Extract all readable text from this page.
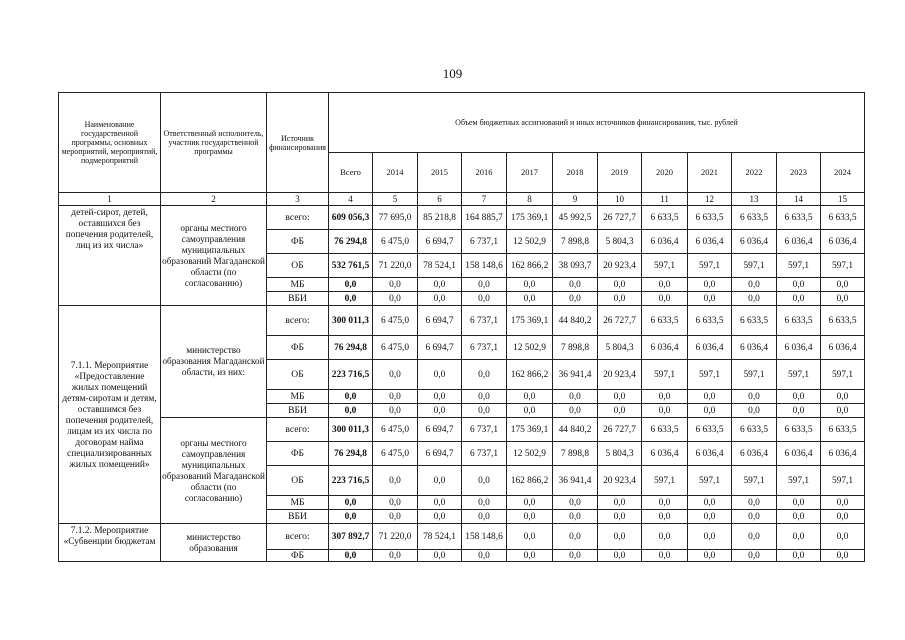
109
Наименование государственной программы, основных мероприятий, мероприятий, подмероприятий	Ответственный исполнитель, участник государственной программы	Источник финансирования	Объем бюджетных ассигнований и иных источников финансирования, тыс. рублей											
			Всего	2014	2015	2016	2017	2018	2019	2020	2021	2022	2023	2024
1	2	3	4	5	6	7	8	9	10	11	12	13	14	15
детей-сирот, детей, оставшихся без попечения родителей, лиц из их числа»	органы местного самоуправления муниципальных образований Магаданской области (по согласованию)	всего:	609 056,3	77 695,0	85 218,8	164 885,7	175 369,1	45 992,5	26 727,7	6 633,5	6 633,5	6 633,5	6 633,5	6 633,5
		ФБ	76 294,8	6 475,0	6 694,7	6 737,1	12 502,9	7 898,8	5 804,3	6 036,4	6 036,4	6 036,4	6 036,4	6 036,4
		ОБ	532 761,5	71 220,0	78 524,1	158 148,6	162 866,2	38 093,7	20 923,4	597,1	597,1	597,1	597,1	597,1
		МБ	0,0	0,0	0,0	0,0	0,0	0,0	0,0	0,0	0,0	0,0	0,0	0,0
		ВБИ	0,0	0,0	0,0	0,0	0,0	0,0	0,0	0,0	0,0	0,0	0,0	0,0
7.1.1. Мероприятие «Предоставление жилых помещений детям-сиротам и детям, оставшимся без попечения родителей, лицам из их числа по договорам найма специализированных жилых помещений»	министерство образования Магаданской области, из них:	всего:	300 011,3	6 475,0	6 694,7	6 737,1	175 369,1	44 840,2	26 727,7	6 633,5	6 633,5	6 633,5	6 633,5	6 633,5
		ФБ	76 294,8	6 475,0	6 694,7	6 737,1	12 502,9	7 898,8	5 804,3	6 036,4	6 036,4	6 036,4	6 036,4	6 036,4
		ОБ	223 716,5	0,0	0,0	0,0	162 866,2	36 941,4	20 923,4	597,1	597,1	597,1	597,1	597,1
		МБ	0,0	0,0	0,0	0,0	0,0	0,0	0,0	0,0	0,0	0,0	0,0	0,0
		ВБИ	0,0	0,0	0,0	0,0	0,0	0,0	0,0	0,0	0,0	0,0	0,0	0,0
	органы местного самоуправления муниципальных образований Магаданской области (по согласованию)	всего:	300 011,3	6 475,0	6 694,7	6 737,1	175 369,1	44 840,2	26 727,7	6 633,5	6 633,5	6 633,5	6 633,5	6 633,5
		ФБ	76 294,8	6 475,0	6 694,7	6 737,1	12 502,9	7 898,8	5 804,3	6 036,4	6 036,4	6 036,4	6 036,4	6 036,4
		ОБ	223 716,5	0,0	0,0	0,0	162 866,2	36 941,4	20 923,4	597,1	597,1	597,1	597,1	597,1
		МБ	0,0	0,0	0,0	0,0	0,0	0,0	0,0	0,0	0,0	0,0	0,0	0,0
		ВБИ	0,0	0,0	0,0	0,0	0,0	0,0	0,0	0,0	0,0	0,0	0,0	0,0
7.1.2. Мероприятие «Субвенции бюджетам	министерство образования	всего:	307 892,7	71 220,0	78 524,1	158 148,6	0,0	0,0	0,0	0,0	0,0	0,0	0,0	0,0
		ФБ	0,0	0,0	0,0	0,0	0,0	0,0	0,0	0,0	0,0	0,0	0,0	0,0
